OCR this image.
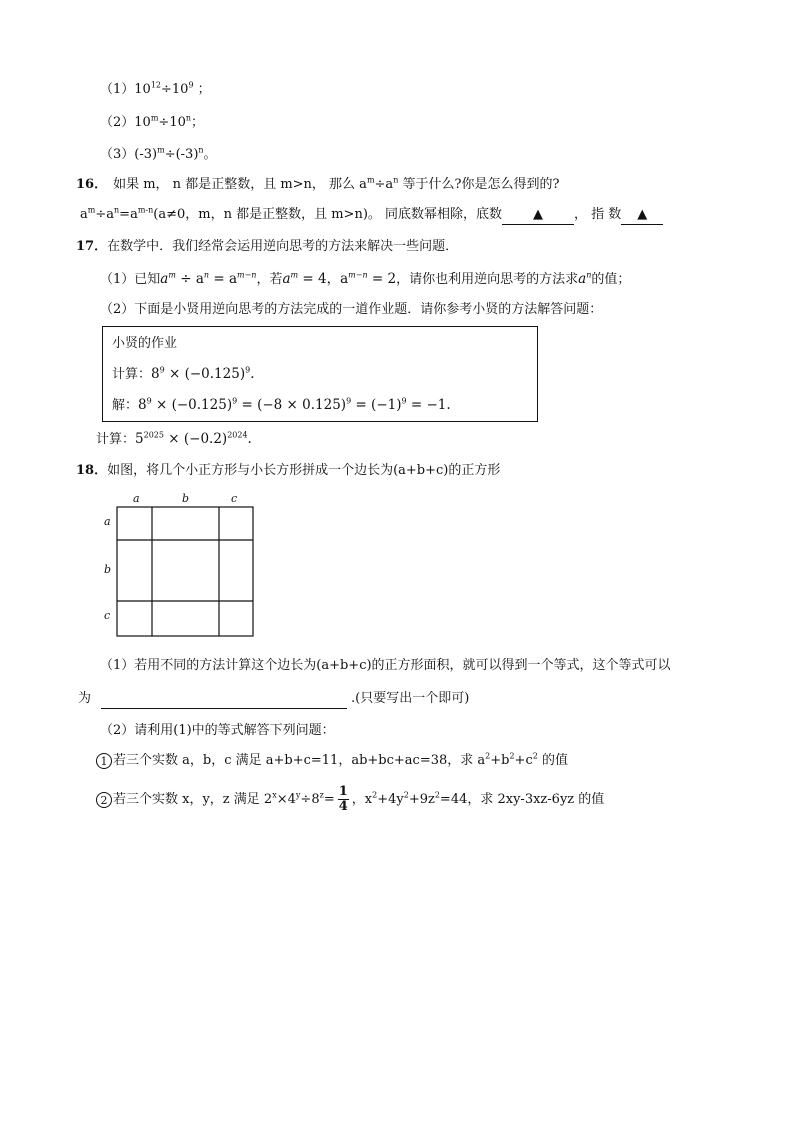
$(1)10^{12}\div 10^9$ ；
$(2)10^m\div 10^n$；
$(3)(-3)^m\div(-3)^n$。
16． 如果 m， n 都是正整数，且 m>n， 那么 $a^m\div a^n$ 等于什么?你是怎么得到的?
$a^m\div a^n=a^{m-n}(a\ne 0$，m，n 都是正整数，且 m>n)。 同底数幂相除，底数 ▲ ， 指 数 ▲
17．在数学中．我们经常会运用逆向思考的方法来解决一些问题．
（1）已知$a^m \div a^n = a^{m-n}$，若$a^m = 4$，$a^{m-n} = 2$，请你也利用逆向思考的方法求$a^n$的值；
（2）下面是小贤用逆向思考的方法完成的一道作业题．请你参考小贤的方法解答问题：
小贤的作业
计算：$8^9 \times (-0.125)^9$.
解：$8^9 \times (-0.125)^9 = (-8 \times 0.125)^9 = (-1)^9 = -1$.
计算：$5^{2025} \times (-0.2)^{2024}$.
18．如图，将几个小正方形与小长方形拼成一个边长为(a+b+c)的正方形
a	b	c
a
b
c
（1）若用不同的方法计算这个边长为(a+b+c)的正方形面积，就可以得到一个等式，这个等式可以
为	.(只要写出一个即可)
（2）请利用(1)中的等式解答下列问题：
1 若三个实数 a，b，c 满足 a+b+c=11，ab+bc+ac=38，求 $a^2+b^2+c^2$ 的值
2 若三个实数 x，y，z 满足 $2^x\times 4^y\div 8^z= \frac{1}{4}$ ，$x^2+4y^2+9z^2=44$，求 2xy-3xz-6yz 的值
